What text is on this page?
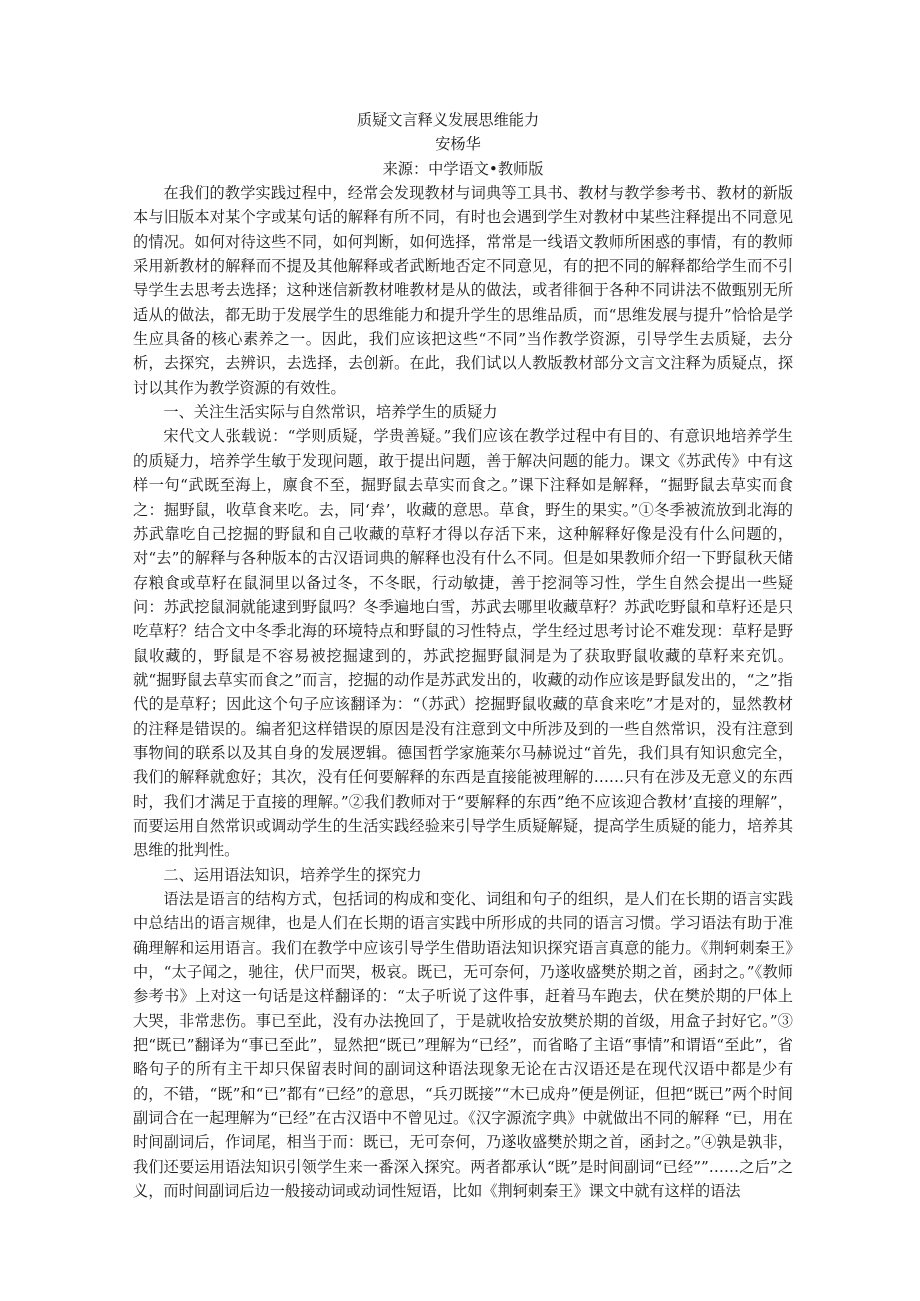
质疑文言释义发展思维能力

安杨华

来源：中学语文•教师版

在我们的教学实践过程中，经常会发现教材与词典等工具书、教材与教学参考书、教材的新版本与旧版本对某个字或某句话的解释有所不同，有时也会遇到学生对教材中某些注释提出不同意见的情况。如何对待这些不同，如何判断，如何选择，常常是一线语文教师所困惑的事情，有的教师采用新教材的解释而不提及其他解释或者武断地否定不同意见，有的把不同的解释都给学生而不引导学生去思考去选择；这种迷信新教材唯教材是从的做法，或者徘徊于各种不同讲法不做甄别无所适从的做法，都无助于发展学生的思维能力和提升学生的思维品质，而“思维发展与提升”恰恰是学生应具备的核心素养之一。因此，我们应该把这些“不同”当作教学资源，引导学生去质疑，去分析，去探究，去辨识，去选择，去创新。在此，我们试以人教版教材部分文言文注释为质疑点，探讨以其作为教学资源的有效性。

一、关注生活实际与自然常识，培养学生的质疑力

宋代文人张载说：“学则质疑，学贵善疑。”我们应该在教学过程中有目的、有意识地培养学生的质疑力，培养学生敏于发现问题，敢于提出问题，善于解决问题的能力。课文《苏武传》中有这样一句“武既至海上，廪食不至，掘野鼠去草实而食之。”课下注释如是解释，“掘野鼠去草实而食之：掘野鼠，收草食来吃。去，同‘弆’，收藏的意思。草食，野生的果实。”①冬季被流放到北海的苏武靠吃自己挖掘的野鼠和自己收藏的草籽才得以存活下来，这种解释好像是没有什么问题的，对“去”的解释与各种版本的古汉语词典的解释也没有什么不同。但是如果教师介绍一下野鼠秋天储存粮食或草籽在鼠洞里以备过冬，不冬眠，行动敏捷，善于挖洞等习性，学生自然会提出一些疑问：苏武挖鼠洞就能逮到野鼠吗？冬季遍地白雪，苏武去哪里收藏草籽？苏武吃野鼠和草籽还是只吃草籽？结合文中冬季北海的环境特点和野鼠的习性特点，学生经过思考讨论不难发现：草籽是野鼠收藏的，野鼠是不容易被挖掘逮到的，苏武挖掘野鼠洞是为了获取野鼠收藏的草籽来充饥。就“掘野鼠去草实而食之”而言，挖掘的动作是苏武发出的，收藏的动作应该是野鼠发出的，“之”指代的是草籽；因此这个句子应该翻译为：“（苏武）挖掘野鼠收藏的草食来吃”才是对的，显然教材的注释是错误的。编者犯这样错误的原因是没有注意到文中所涉及到的一些自然常识，没有注意到事物间的联系以及其自身的发展逻辑。德国哲学家施莱尔马赫说过“首先，我们具有知识愈完全，我们的解释就愈好；其次，没有任何要解释的东西是直接能被理解的……只有在涉及无意义的东西时，我们才满足于直接的理解。”②我们教师对于“要解释的东西”绝不应该迎合教材’直接的理解”，而要运用自然常识或调动学生的生活实践经验来引导学生质疑解疑，提高学生质疑的能力，培养其思维的批判性。

二、运用语法知识，培养学生的探究力

语法是语言的结构方式，包括词的构成和变化、词组和句子的组织，是人们在长期的语言实践中总结出的语言规律，也是人们在长期的语言实践中所形成的共同的语言习惯。学习语法有助于准确理解和运用语言。我们在教学中应该引导学生借助语法知识探究语言真意的能力。《荆轲刺秦王》中，“太子闻之，驰往，伏尸而哭，极哀。既已，无可奈何，乃遂收盛樊於期之首，函封之。”《教师参考书》上对这一句话是这样翻译的：“太子听说了这件事，赶着马车跑去，伏在樊於期的尸体上大哭，非常悲伤。事已至此，没有办法挽回了，于是就收拾安放樊於期的首级，用盒子封好它。”③把“既已”翻译为“事已至此”，显然把“既已”理解为“已经”，而省略了主语“事情”和谓语“至此”，省略句子的所有主干却只保留表时间的副词这种语法现象无论在古汉语还是在现代汉语中都是少有的，不错，“既”和“已”都有“已经”的意思，“兵刃既接”“木已成舟”便是例证，但把“既已”两个时间副词合在一起理解为“已经”在古汉语中不曾见过。《汉字源流字典》中就做出不同的解释 “已，用在时间副词后，作词尾，相当于而：既已，无可奈何，乃遂收盛樊於期之首，函封之。”④孰是孰非，我们还要运用语法知识引领学生来一番深入探究。两者都承认“既”是时间副词“已经””……之后”之义，而时间副词后边一般接动词或动词性短语，比如《荆轲刺秦王》课文中就有这样的语法
